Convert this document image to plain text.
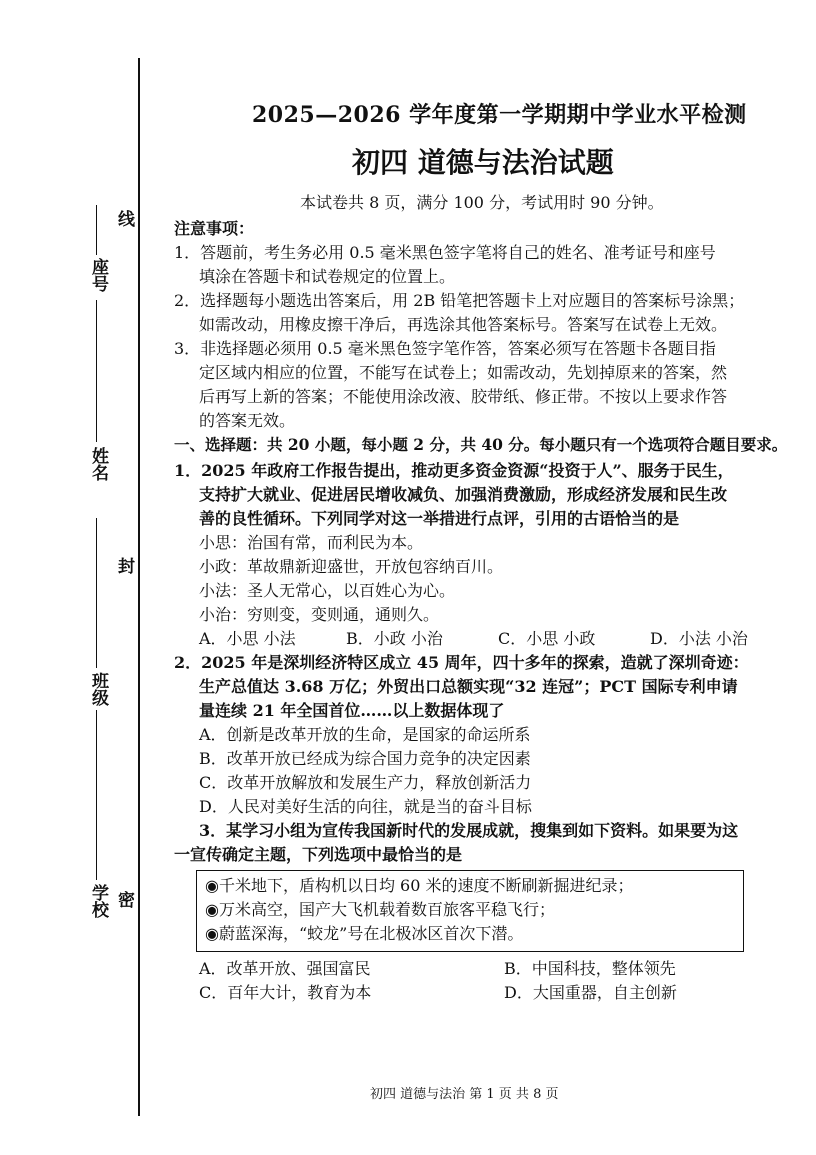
座号
线
姓名
封
班级
学校 密
2025—2026 学年度第一学期期中学业水平检测
初四 道德与法治试题
本试卷共 8 页，满分 100 分，考试用时 90 分钟。
注意事项：
1．答题前，考生务必用 0.5 毫米黑色签字笔将自己的姓名、准考证号和座号
填涂在答题卡和试卷规定的位置上。
2．选择题每小题选出答案后，用 2B 铅笔把答题卡上对应题目的答案标号涂黑；
如需改动，用橡皮擦干净后，再选涂其他答案标号。答案写在试卷上无效。
3．非选择题必须用 0.5 毫米黑色签字笔作答，答案必须写在答题卡各题目指
定区域内相应的位置，不能写在试卷上；如需改动，先划掉原来的答案，然
后再写上新的答案；不能使用涂改液、胶带纸、修正带。不按以上要求作答
的答案无效。
一、选择题：共 20 小题，每小题 2 分，共 40 分。每小题只有一个选项符合题目要求。
1．2025 年政府工作报告提出，推动更多资金资源“投资于人”、服务于民生，
支持扩大就业、促进居民增收减负、加强消费激励，形成经济发展和民生改
善的良性循环。下列同学对这一举措进行点评，引用的古语恰当的是
小思：治国有常，而利民为本。
小政：革故鼎新迎盛世，开放包容纳百川。
小法：圣人无常心，以百姓心为心。
小治：穷则变，变则通，通则久。
A．小思 小法	B．小政 小治	C．小思 小政	D．小法 小治
2．2025 年是深圳经济特区成立 45 周年，四十多年的探索，造就了深圳奇迹：
生产总值达 3.68 万亿；外贸出口总额实现“32 连冠”；PCT 国际专利申请
量连续 21 年全国首位……以上数据体现了
A．创新是改革开放的生命，是国家的命运所系
B．改革开放已经成为综合国力竞争的决定因素
C．改革开放解放和发展生产力，释放创新活力
D．人民对美好生活的向往，就是当的奋斗目标
3．某学习小组为宣传我国新时代的发展成就，搜集到如下资料。如果要为这
一宣传确定主题，下列选项中最恰当的是
◉千米地下，盾构机以日均 60 米的速度不断刷新掘进纪录；
◉万米高空，国产大飞机载着数百旅客平稳飞行；
◉蔚蓝深海，“蛟龙”号在北极冰区首次下潜。
A．改革开放、强国富民	B．中国科技，整体领先
C．百年大计，教育为本	D．大国重器，自主创新
初四 道德与法治 第 1 页 共 8 页
